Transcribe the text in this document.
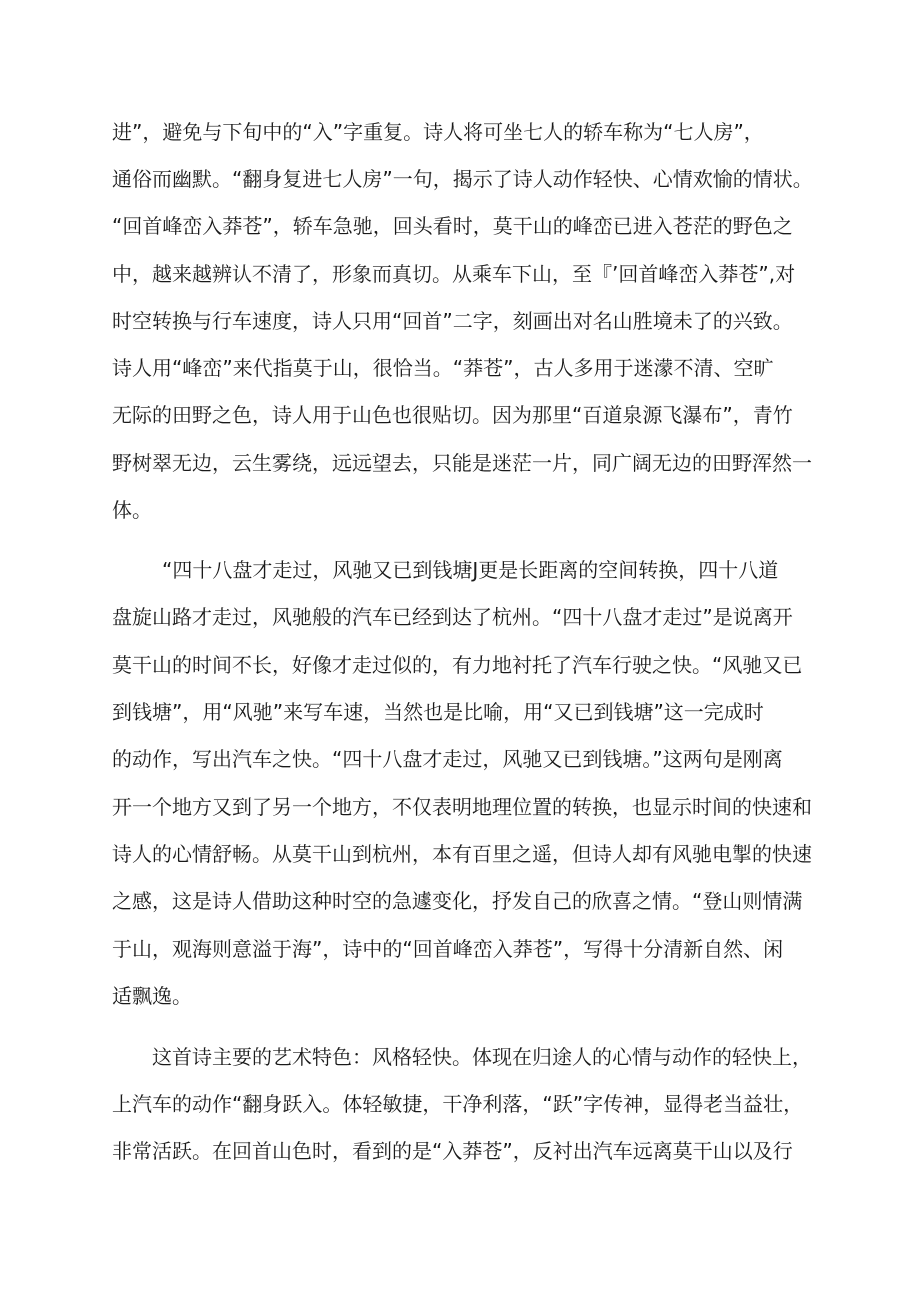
进”，避免与下旬中的“入”字重复。诗人将可坐七人的轿车称为“七人房”，
通俗而幽默。“翻身复进七人房”一句，揭示了诗人动作轻快、心情欢愉的情状。
“回首峰峦入莽苍”，轿车急驰，回头看时，莫干山的峰峦已进入苍茫的野色之
中，越来越辨认不清了，形象而真切。从乘车下山，至『’回首峰峦入莽苍”,对
时空转换与行车速度，诗人只用“回首”二字，刻画出对名山胜境未了的兴致。
诗人用“峰峦”来代指莫于山，很恰当。“莽苍”，古人多用于迷濛不清、空旷
无际的田野之色，诗人用于山色也很贴切。因为那里“百道泉源飞瀑布”，青竹
野树翠无边，云生雾绕，远远望去，只能是迷茫一片，同广阔无边的田野浑然一
体。
“四十八盘才走过，风驰又已到钱塘J更是长距离的空间转换，四十八道
盘旋山路才走过，风驰般的汽车已经到达了杭州。“四十八盘才走过”是说离开
莫干山的时间不长，好像才走过似的，有力地衬托了汽车行驶之快。“风驰又已
到钱塘”，用“风驰”来写车速，当然也是比喻，用“又已到钱塘”这一完成时
的动作，写出汽车之快。“四十八盘才走过，风驰又已到钱塘。”这两句是刚离
开一个地方又到了另一个地方，不仅表明地理位置的转换，也显示时间的快速和
诗人的心情舒畅。从莫干山到杭州，本有百里之遥，但诗人却有风驰电掣的快速
之感，这是诗人借助这种时空的急遽变化，抒发自己的欣喜之情。“登山则情满
于山，观海则意溢于海”，诗中的“回首峰峦入莽苍”，写得十分清新自然、闲
适飘逸。
这首诗主要的艺术特色：风格轻快。体现在归途人的心情与动作的轻快上，
上汽车的动作“翻身跃入。体轻敏捷，干净利落，“跃”字传神，显得老当益壮，
非常活跃。在回首山色时，看到的是“入莽苍”，反衬出汽车远离莫干山以及行
